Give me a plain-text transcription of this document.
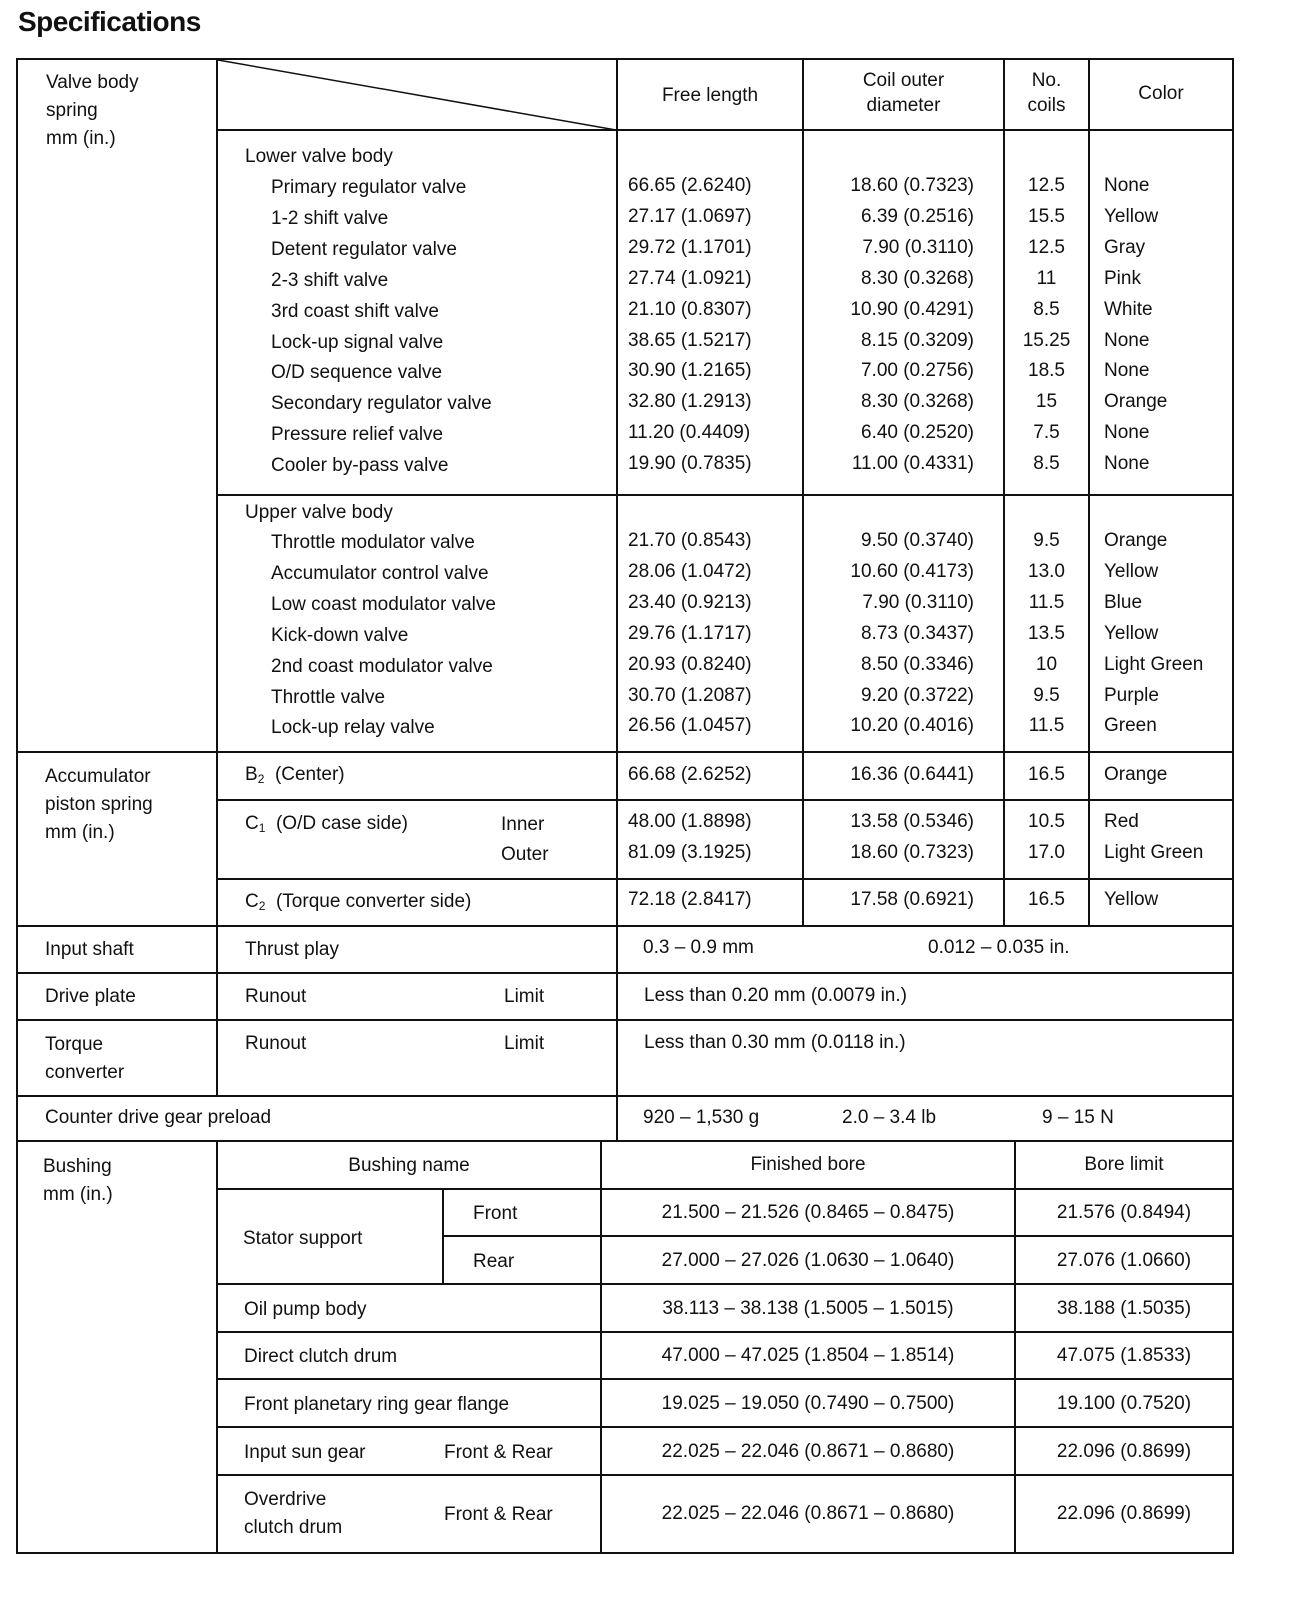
Specifications
Valve body
spring
mm (in.)
Free length
Coil outer
diameter
No.
coils
Color
Lower valve body
Primary regulator valve	66.65 (2.6240)	18.60 (0.7323)	12.5	None
1-2 shift valve	27.17 (1.0697)	6.39 (0.2516)	15.5	Yellow
Detent regulator valve	29.72 (1.1701)	7.90 (0.3110)	12.5	Gray
2-3 shift valve	27.74 (1.0921)	8.30 (0.3268)	11	Pink
3rd coast shift valve	21.10 (0.8307)	10.90 (0.4291)	8.5	White
Lock-up signal valve	38.65 (1.5217)	8.15 (0.3209)	15.25	None
O/D sequence valve	30.90 (1.2165)	7.00 (0.2756)	18.5	None
Secondary regulator valve	32.80 (1.2913)	8.30 (0.3268)	15	Orange
Pressure relief valve	11.20 (0.4409)	6.40 (0.2520)	7.5	None
Cooler by-pass valve	19.90 (0.7835)	11.00 (0.4331)	8.5	None
Upper valve body
Throttle modulator valve	21.70 (0.8543)	9.50 (0.3740)	9.5	Orange
Accumulator control valve	28.06 (1.0472)	10.60 (0.4173)	13.0	Yellow
Low coast modulator valve	23.40 (0.9213)	7.90 (0.3110)	11.5	Blue
Kick-down valve	29.76 (1.1717)	8.73 (0.3437)	13.5	Yellow
2nd coast modulator valve	20.93 (0.8240)	8.50 (0.3346)	10	Light Green
Throttle valve	30.70 (1.2087)	9.20 (0.3722)	9.5	Purple
Lock-up relay valve	26.56 (1.0457)	10.20 (0.4016)	11.5	Green
Accumulator
piston spring
mm (in.)
$B_2$ (Center)	66.68 (2.6252)	16.36 (0.6441)	16.5	Orange
$C_1$ (O/D case side)	Inner	48.00 (1.8898)	13.58 (0.5346)	10.5	Red
Outer	81.09 (3.1925)	18.60 (0.7323)	17.0	Light Green
$C_2$ (Torque converter side)	72.18 (2.8417)	17.58 (0.6921)	16.5	Yellow
Input shaft	Thrust play	0.3 – 0.9 mm	0.012 – 0.035 in.
Drive plate	Runout	Limit	Less than 0.20 mm (0.0079 in.)
Torque
converter
Runout	Limit	Less than 0.30 mm (0.0118 in.)
Counter drive gear preload	920 – 1,530 g	2.0 – 3.4 lb	9 – 15 N
Bushing
mm (in.)
Bushing name	Finished bore	Bore limit
Stator support
Front	21.500 – 21.526 (0.8465 – 0.8475)	21.576 (0.8494)
Rear	27.000 – 27.026 (1.0630 – 1.0640)	27.076 (1.0660)
Oil pump body	38.113 – 38.138 (1.5005 – 1.5015)	38.188 (1.5035)
Direct clutch drum	47.000 – 47.025 (1.8504 – 1.8514)	47.075 (1.8533)
Front planetary ring gear flange	19.025 – 19.050 (0.7490 – 0.7500)	19.100 (0.7520)
Input sun gear	Front & Rear	22.025 – 22.046 (0.8671 – 0.8680)	22.096 (0.8699)
Overdrive
clutch drum
Front & Rear	22.025 – 22.046 (0.8671 – 0.8680)	22.096 (0.8699)
